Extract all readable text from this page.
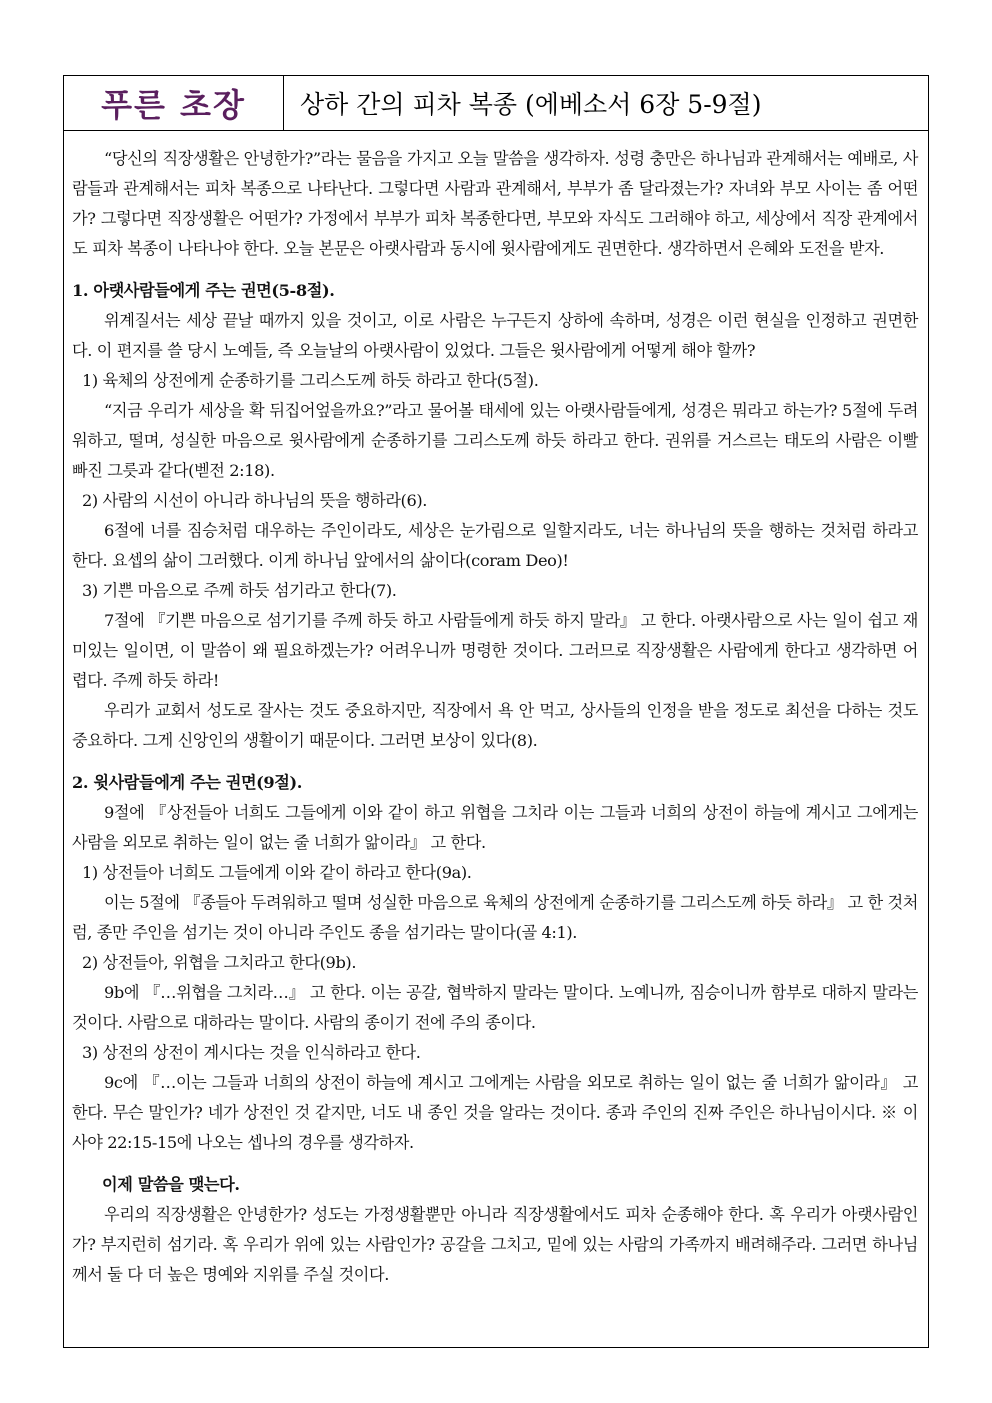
푸른 초장	상하 간의 피차 복종 (에베소서 6장 5-9절)

“당신의 직장생활은 안녕한가?”라는 물음을 가지고 오늘 말씀을 생각하자. 성령 충만은 하나님과 관계해서는 예배로, 사람들과 관계해서는 피차 복종으로 나타난다. 그렇다면 사람과 관계해서, 부부가 좀 달라졌는가? 자녀와 부모 사이는 좀 어떤가? 그렇다면 직장생활은 어떤가? 가정에서 부부가 피차 복종한다면, 부모와 자식도 그러해야 하고, 세상에서 직장 관계에서도 피차 복종이 나타나야 한다. 오늘 본문은 아랫사람과 동시에 윗사람에게도 권면한다. 생각하면서 은혜와 도전을 받자.

1. 아랫사람들에게 주는 권면(5-8절).

위계질서는 세상 끝날 때까지 있을 것이고, 이로 사람은 누구든지 상하에 속하며, 성경은 이런 현실을 인정하고 권면한다. 이 편지를 쓸 당시 노예들, 즉 오늘날의 아랫사람이 있었다. 그들은 윗사람에게 어떻게 해야 할까?

1) 육체의 상전에게 순종하기를 그리스도께 하듯 하라고 한다(5절).

“지금 우리가 세상을 확 뒤집어엎을까요?”라고 물어볼 태세에 있는 아랫사람들에게, 성경은 뭐라고 하는가? 5절에 두려워하고, 떨며, 성실한 마음으로 윗사람에게 순종하기를 그리스도께 하듯 하라고 한다. 권위를 거스르는 태도의 사람은 이빨 빠진 그릇과 같다(벧전 2:18).

2) 사람의 시선이 아니라 하나님의 뜻을 행하라(6).

6절에 너를 짐승처럼 대우하는 주인이라도, 세상은 눈가림으로 일할지라도, 너는 하나님의 뜻을 행하는 것처럼 하라고 한다. 요셉의 삶이 그러했다. 이게 하나님 앞에서의 삶이다(coram Deo)!

3) 기쁜 마음으로 주께 하듯 섬기라고 한다(7).

7절에 『기쁜 마음으로 섬기기를 주께 하듯 하고 사람들에게 하듯 하지 말라』 고 한다. 아랫사람으로 사는 일이 쉽고 재미있는 일이면, 이 말씀이 왜 필요하겠는가? 어려우니까 명령한 것이다. 그러므로 직장생활은 사람에게 한다고 생각하면 어렵다. 주께 하듯 하라!

우리가 교회서 성도로 잘사는 것도 중요하지만, 직장에서 욕 안 먹고, 상사들의 인정을 받을 정도로 최선을 다하는 것도 중요하다. 그게 신앙인의 생활이기 때문이다. 그러면 보상이 있다(8).

2. 윗사람들에게 주는 권면(9절).

9절에 『상전들아 너희도 그들에게 이와 같이 하고 위협을 그치라 이는 그들과 너희의 상전이 하늘에 계시고 그에게는 사람을 외모로 취하는 일이 없는 줄 너희가 앎이라』 고 한다.

1) 상전들아 너희도 그들에게 이와 같이 하라고 한다(9a).

이는 5절에 『종들아 두려워하고 떨며 성실한 마음으로 육체의 상전에게 순종하기를 그리스도께 하듯 하라』 고 한 것처럼, 종만 주인을 섬기는 것이 아니라 주인도 종을 섬기라는 말이다(골 4:1).

2) 상전들아, 위협을 그치라고 한다(9b).

9b에 『…위협을 그치라…』 고 한다. 이는 공갈, 협박하지 말라는 말이다. 노예니까, 짐승이니까 함부로 대하지 말라는 것이다. 사람으로 대하라는 말이다. 사람의 종이기 전에 주의 종이다.

3) 상전의 상전이 계시다는 것을 인식하라고 한다.

9c에 『…이는 그들과 너희의 상전이 하늘에 계시고 그에게는 사람을 외모로 취하는 일이 없는 줄 너희가 앎이라』 고 한다. 무슨 말인가? 네가 상전인 것 같지만, 너도 내 종인 것을 알라는 것이다. 종과 주인의 진짜 주인은 하나님이시다. ※ 이사야 22:15-15에 나오는 셉나의 경우를 생각하자.

이제 말씀을 맺는다.

우리의 직장생활은 안녕한가? 성도는 가정생활뿐만 아니라 직장생활에서도 피차 순종해야 한다. 혹 우리가 아랫사람인가? 부지런히 섬기라. 혹 우리가 위에 있는 사람인가? 공갈을 그치고, 밑에 있는 사람의 가족까지 배려해주라. 그러면 하나님께서 둘 다 더 높은 명예와 지위를 주실 것이다.
